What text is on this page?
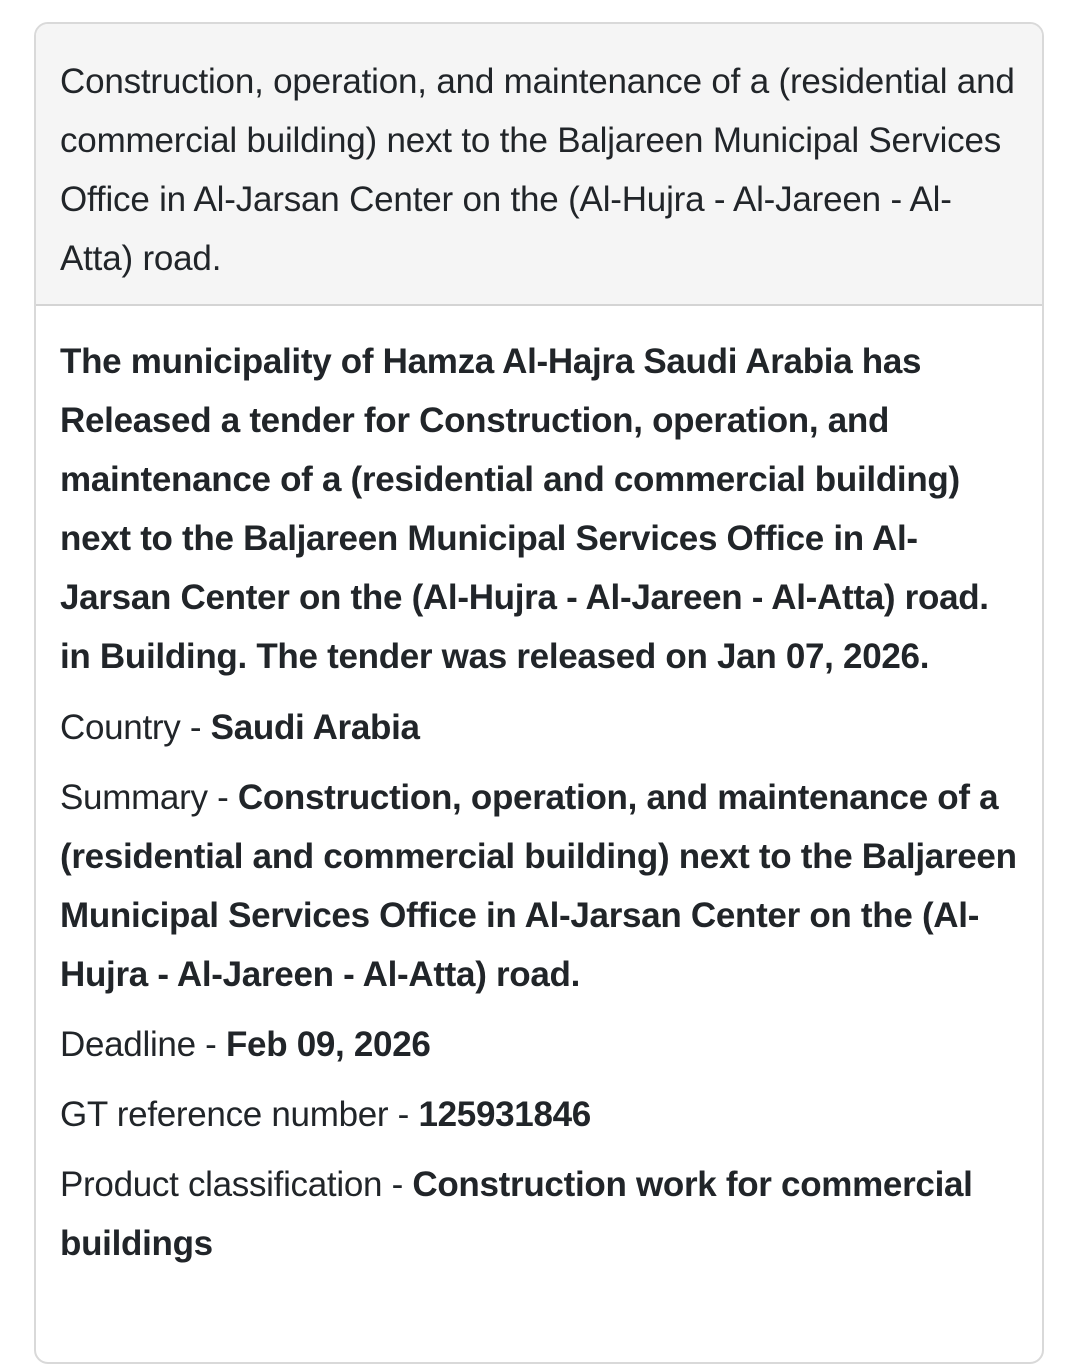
Construction, operation, and maintenance of a (residential and commercial building) next to the Baljareen Municipal Services Office in Al-Jarsan Center on the (Al-Hujra - Al-Jareen - Al-Atta) road.

The municipality of Hamza Al-Hajra Saudi Arabia has Released a tender for Construction, operation, and maintenance of a (residential and commercial building) next to the Baljareen Municipal Services Office in Al-Jarsan Center on the (Al-Hujra - Al-Jareen - Al-Atta) road. in Building. The tender was released on Jan 07, 2026.

Country - Saudi Arabia

Summary - Construction, operation, and maintenance of a (residential and commercial building) next to the Baljareen Municipal Services Office in Al-Jarsan Center on the (Al-Hujra - Al-Jareen - Al-Atta) road.

Deadline - Feb 09, 2026

GT reference number - 125931846

Product classification - Construction work for commercial buildings
